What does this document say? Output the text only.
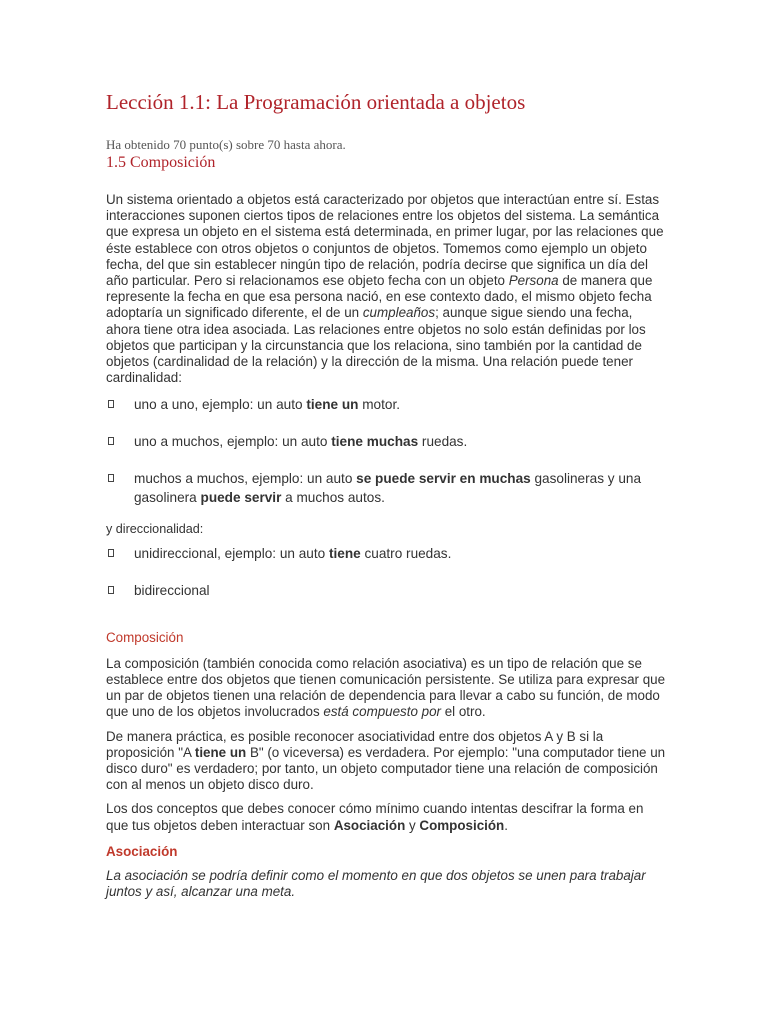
Lección 1.1: La Programación orientada a objetos
Ha obtenido 70 punto(s) sobre 70 hasta ahora.
1.5 Composición

Un sistema orientado a objetos está caracterizado por objetos que interactúan entre sí. Estas interacciones suponen ciertos tipos de relaciones entre los objetos del sistema. La semántica que expresa un objeto en el sistema está determinada, en primer lugar, por las relaciones que éste establece con otros objetos o conjuntos de objetos. Tomemos como ejemplo un objeto fecha, del que sin establecer ningún tipo de relación, podría decirse que significa un día del año particular. Pero si relacionamos ese objeto fecha con un objeto Persona de manera que represente la fecha en que esa persona nació, en ese contexto dado, el mismo objeto fecha adoptaría un significado diferente, el de un cumpleaños; aunque sigue siendo una fecha, ahora tiene otra idea asociada. Las relaciones entre objetos no solo están definidas por los objetos que participan y la circunstancia que los relaciona, sino también por la cantidad de objetos (cardinalidad de la relación) y la dirección de la misma. Una relación puede tener cardinalidad:

uno a uno, ejemplo: un auto tiene un motor.
uno a muchos, ejemplo: un auto tiene muchas ruedas.
muchos a muchos, ejemplo: un auto se puede servir en muchas gasolineras y una gasolinera puede servir a muchos autos.

y direccionalidad:

unidireccional, ejemplo: un auto tiene cuatro ruedas.
bidireccional

Composición

La composición (también conocida como relación asociativa) es un tipo de relación que se establece entre dos objetos que tienen comunicación persistente. Se utiliza para expresar que un par de objetos tienen una relación de dependencia para llevar a cabo su función, de modo que uno de los objetos involucrados está compuesto por el otro.

De manera práctica, es posible reconocer asociatividad entre dos objetos A y B si la proposición "A tiene un B" (o viceversa) es verdadera. Por ejemplo: "una computador tiene un disco duro" es verdadero; por tanto, un objeto computador tiene una relación de composición con al menos un objeto disco duro.

Los dos conceptos que debes conocer cómo mínimo cuando intentas descifrar la forma en que tus objetos deben interactuar son Asociación y Composición.

Asociación

La asociación se podría definir como el momento en que dos objetos se unen para trabajar juntos y así, alcanzar una meta.
